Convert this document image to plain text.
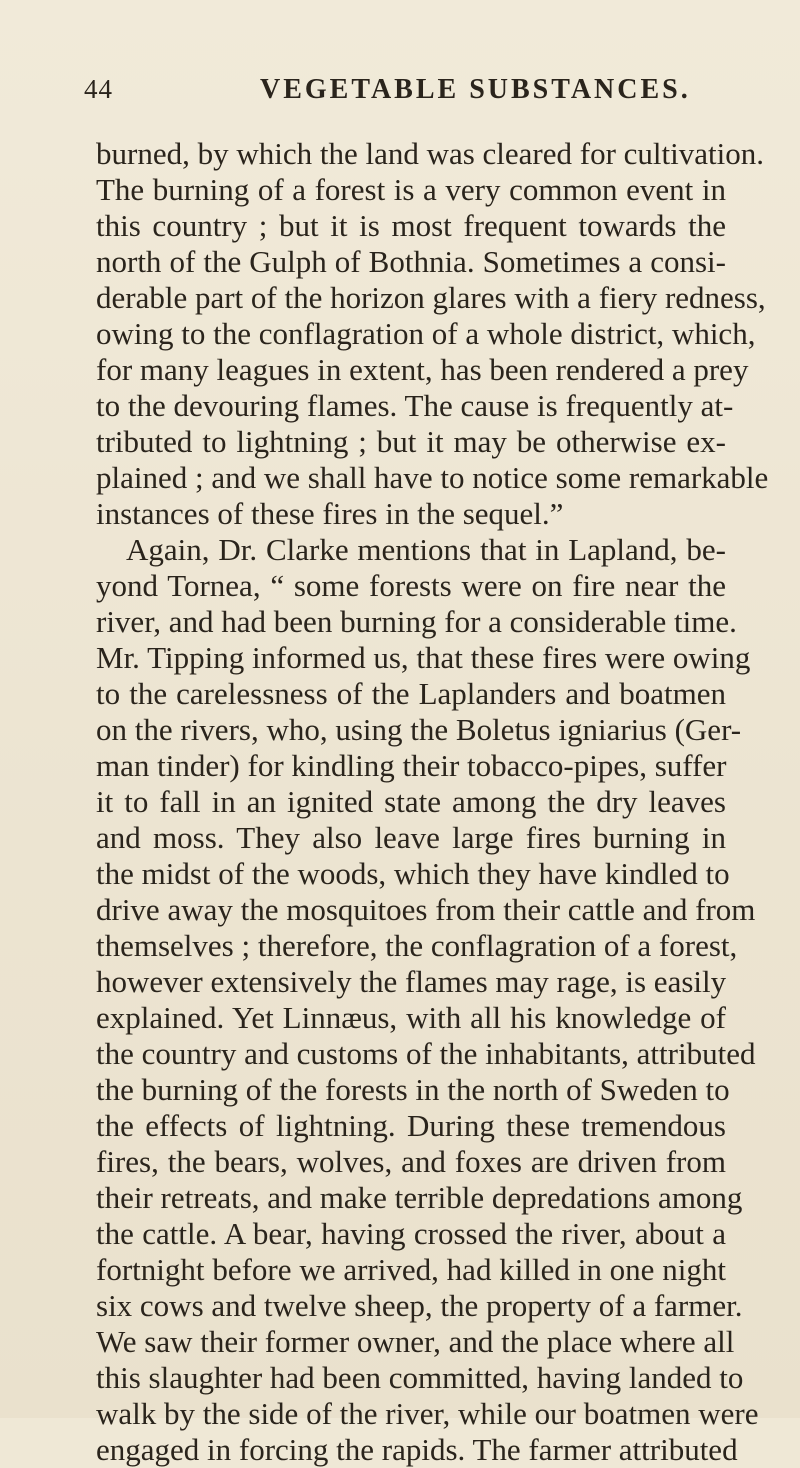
44	VEGETABLE SUBSTANCES.
burned, by which the land was cleared for cultivation.
The burning of a forest is a very common event in
this country ; but it is most frequent towards the
north of the Gulph of Bothnia. Sometimes a consi-
derable part of the horizon glares with a fiery redness,
owing to the conflagration of a whole district, which,
for many leagues in extent, has been rendered a prey
to the devouring flames. The cause is frequently at-
tributed to lightning ; but it may be otherwise ex-
plained ; and we shall have to notice some remarkable
instances of these fires in the sequel.”
Again, Dr. Clarke mentions that in Lapland, be-
yond Tornea, “ some forests were on fire near the
river, and had been burning for a considerable time.
Mr. Tipping informed us, that these fires were owing
to the carelessness of the Laplanders and boatmen
on the rivers, who, using the Boletus igniarius (Ger-
man tinder) for kindling their tobacco-pipes, suffer
it to fall in an ignited state among the dry leaves
and moss. They also leave large fires burning in
the midst of the woods, which they have kindled to
drive away the mosquitoes from their cattle and from
themselves ; therefore, the conflagration of a forest,
however extensively the flames may rage, is easily
explained. Yet Linnæus, with all his knowledge of
the country and customs of the inhabitants, attributed
the burning of the forests in the north of Sweden to
the effects of lightning. During these tremendous
fires, the bears, wolves, and foxes are driven from
their retreats, and make terrible depredations among
the cattle. A bear, having crossed the river, about a
fortnight before we arrived, had killed in one night
six cows and twelve sheep, the property of a farmer.
We saw their former owner, and the place where all
this slaughter had been committed, having landed to
walk by the side of the river, while our boatmen were
engaged in forcing the rapids. The farmer attributed
